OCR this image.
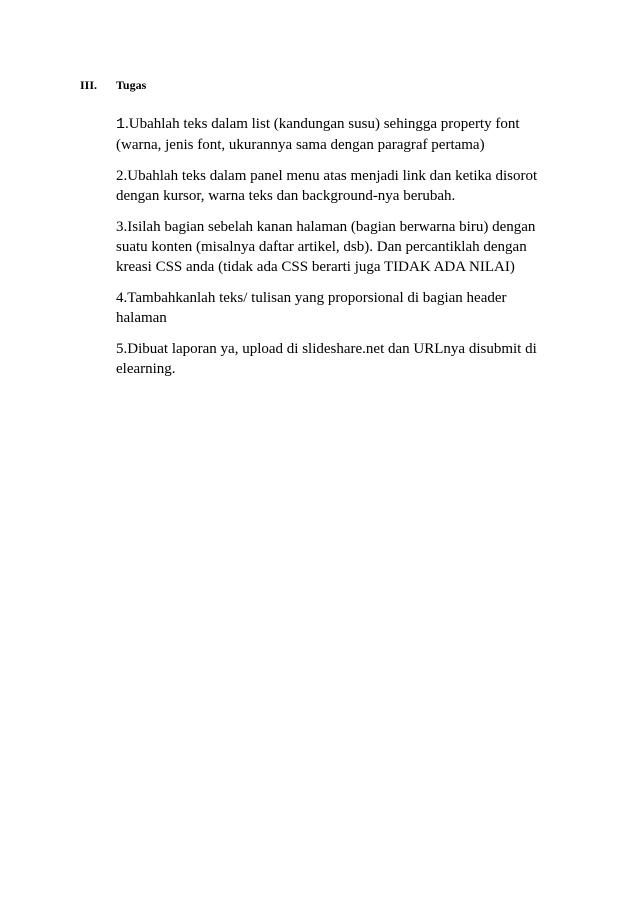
III.	Tugas

1.Ubahlah teks dalam list (kandungan susu) sehingga property font (warna, jenis font, ukurannya sama dengan paragraf pertama)

2.Ubahlah teks dalam panel menu atas menjadi link dan ketika disorot dengan kursor, warna teks dan background-nya berubah.

3.Isilah bagian sebelah kanan halaman (bagian berwarna biru) dengan suatu konten (misalnya daftar artikel, dsb). Dan percantiklah dengan kreasi CSS anda (tidak ada CSS berarti juga TIDAK ADA NILAI)

4.Tambahkanlah teks/ tulisan yang proporsional di bagian header halaman

5.Dibuat laporan ya, upload di slideshare.net dan URLnya disubmit di elearning.
